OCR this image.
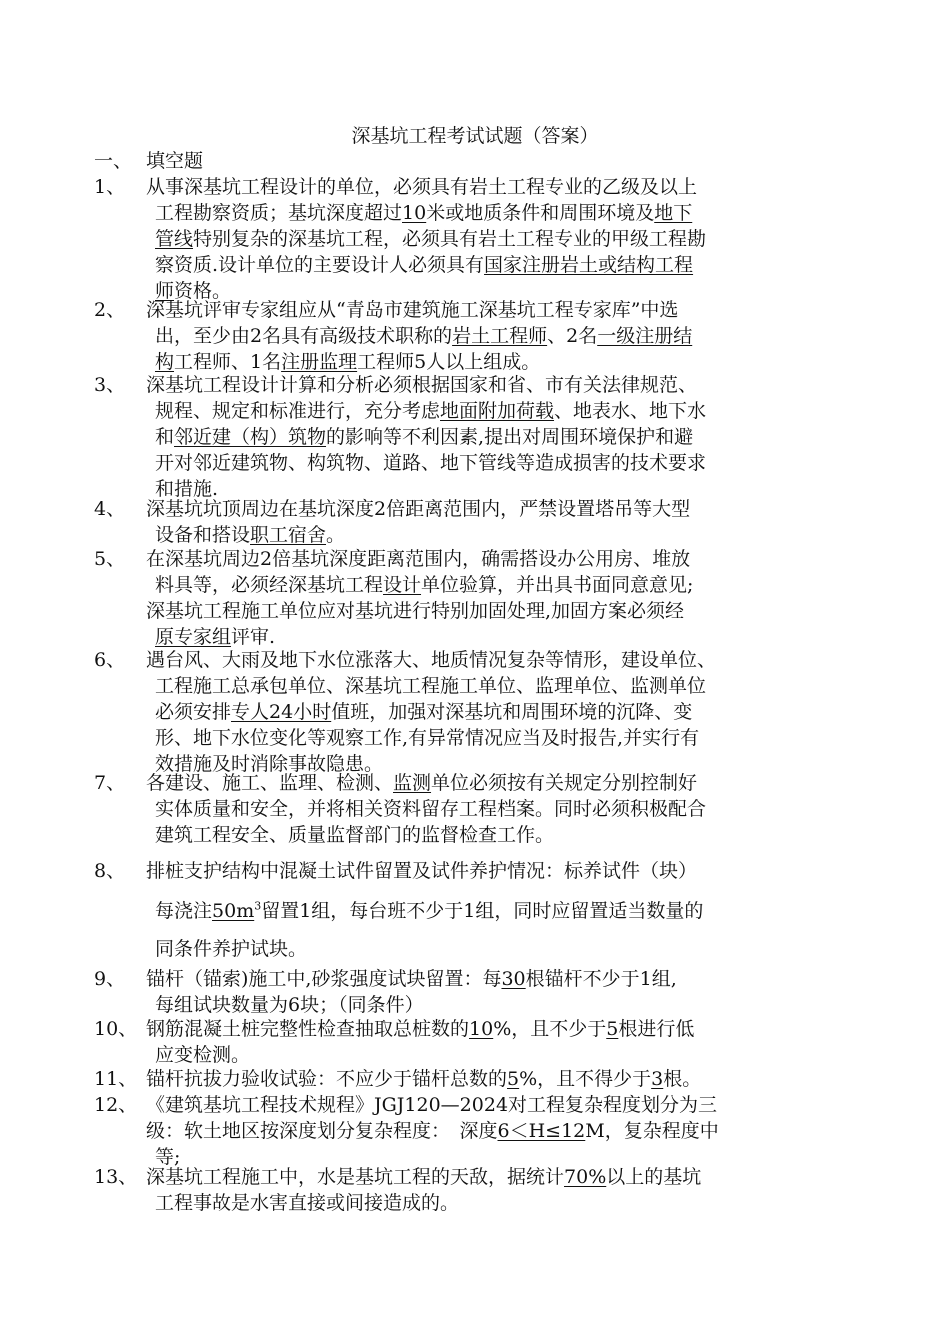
深基坑工程考试试题（答案）
一、 填空题
1、 从事深基坑工程设计的单位，必须具有岩土工程专业的乙级及以上
工程勘察资质；基坑深度超过10米或地质条件和周围环境及地下
管线特别复杂的深基坑工程，必须具有岩土工程专业的甲级工程勘
察资质.设计单位的主要设计人必须具有国家注册岩土或结构工程
师资格。
2、 深基坑评审专家组应从“青岛市建筑施工深基坑工程专家库”中选
出，至少由2名具有高级技术职称的岩土工程师、2名一级注册结
构工程师、1名注册监理工程师5人以上组成。
3、 深基坑工程设计计算和分析必须根据国家和省、市有关法律规范、
规程、规定和标准进行，充分考虑地面附加荷载、地表水、地下水
和邻近建（构）筑物的影响等不利因素,提出对周围环境保护和避
开对邻近建筑物、构筑物、道路、地下管线等造成损害的技术要求
和措施.
4、 深基坑坑顶周边在基坑深度2倍距离范围内，严禁设置塔吊等大型
设备和搭设职工宿舍。
5、 在深基坑周边2倍基坑深度距离范围内，确需搭设办公用房、堆放
料具等，必须经深基坑工程设计单位验算，并出具书面同意意见;
深基坑工程施工单位应对基坑进行特别加固处理,加固方案必须经
原专家组评审.
6、 遇台风、大雨及地下水位涨落大、地质情况复杂等情形，建设单位、
工程施工总承包单位、深基坑工程施工单位、监理单位、监测单位
必须安排专人24小时值班，加强对深基坑和周围环境的沉降、变
形、地下水位变化等观察工作,有异常情况应当及时报告,并实行有
效措施及时消除事故隐患。
7、 各建设、施工、监理、检测、监测单位必须按有关规定分别控制好
实体质量和安全，并将相关资料留存工程档案。同时必须积极配合
建筑工程安全、质量监督部门的监督检查工作。
8、 排桩支护结构中混凝土试件留置及试件养护情况：标养试件（块）
每浇注$50m^3$留置1组，每台班不少于1组，同时应留置适当数量的
同条件养护试块。
9、 锚杆（锚索)施工中,砂浆强度试块留置：每30根锚杆不少于1组,
每组试块数量为6块；（同条件）
10、 钢筋混凝土桩完整性检查抽取总桩数的10%，且不少于5根进行低
应变检测。
11、 锚杆抗拔力验收试验：不应少于锚杆总数的5%，且不得少于3根。
12、 《建筑基坑工程技术规程》JGJ120—2024对工程复杂程度划分为三
级：软土地区按深度划分复杂程度：　深度6＜H≤12M，复杂程度中
等;
13、 深基坑工程施工中，水是基坑工程的天敌，据统计70%以上的基坑
工程事故是水害直接或间接造成的。
